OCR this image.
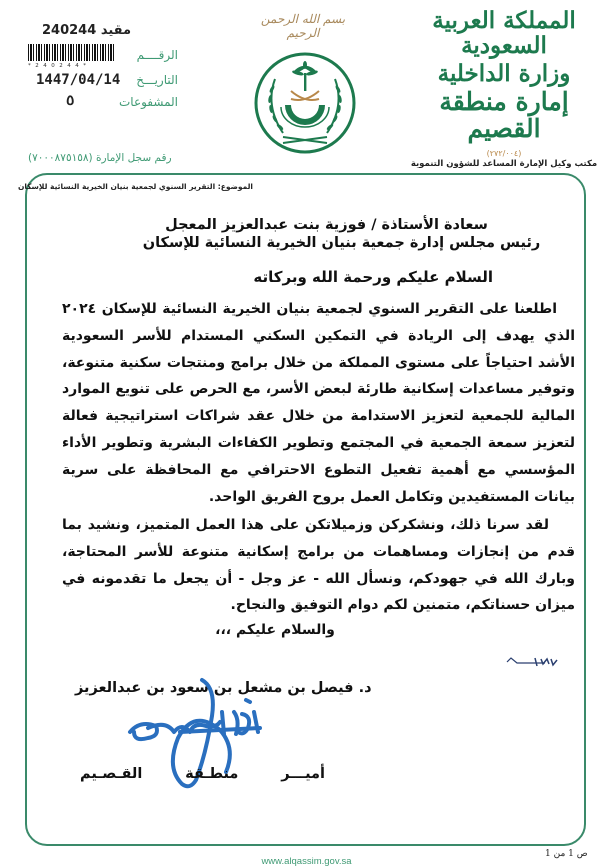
المملكة العربية السعودية
وزارة الداخلية
إمارة منطقة القصيم
(٢٧٢/٠٠٤)
مكتب وكيل الإمارة المساعد للشؤون التنموية
بسم الله الرحمن الرحيم
مقيد 240244
*240244*
الرقــــم
1447/04/14 التاريـــخ
٥	المشفوعات
رقم سجل الإمارة (٧٠٠٠٨٧٥١٥٨)
الموضوع: التقرير السنوي لجمعية بنيان الخيرية النسائية للإسكان
سعادة الأستاذة / فوزية بنت عبدالعزيز المعجل
رئيس مجلس إدارة جمعية بنيان الخيرية النسائية للإسكان
السلام عليكم ورحمة الله وبركاته
اطلعنا على التقرير السنوي لجمعية بنيان الخيرية النسائية للإسكان ٢٠٢٤ الذي يهدف إلى الريادة في التمكين السكني المستدام للأسر السعودية الأشد احتياجاً على مستوى المملكة من خلال برامج ومنتجات سكنية متنوعة، وتوفير مساعدات إسكانية طارئة لبعض الأسر، مع الحرص على تنويع الموارد المالية للجمعية لتعزيز الاستدامة من خلال عقد شراكات استراتيجية فعالة لتعزيز سمعة الجمعية في المجتمع وتطوير الكفاءات البشرية وتطوير الأداء المؤسسي مع أهمية تفعيل التطوع الاحترافي مع المحافظة على سرية بيانات المستفيدين وتكامل العمل بروح الفريق الواحد.
لقد سرنا ذلك، ونشكركن وزميلاتكن على هذا العمل المتميز، ونشيد بما قدم من إنجازات ومساهمات من برامج إسكانية متنوعة للأسر المحتاجة، وبارك الله في جهودكم، ونسأل الله - عز وجل - أن يجعل ما تقدمونه في ميزان حسناتكم، متمنين لكم دوام التوفيق والنجاح.
والسلام عليكم ،،،
د. فيصل بن مشعل بن سعود بن عبدالعزيز
أميـــر منطـقة القـصـيم
ص 1 من 1
www.alqassim.gov.sa
